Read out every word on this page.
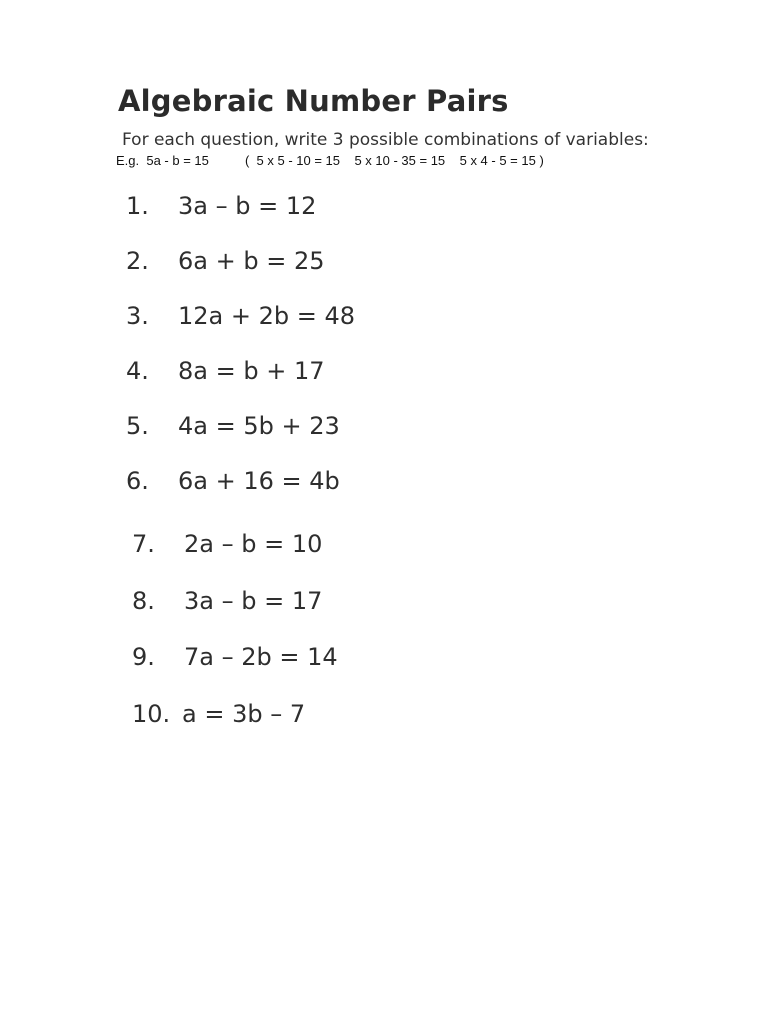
Algebraic Number Pairs
For each question, write 3 possible combinations of variables:
E.g.  5a - b = 15          (  5 x 5 - 10 = 15    5 x 10 - 35 = 15    5 x 4 - 5 = 15 )
1.	3a – b = 12
2.	6a + b = 25
3.	12a + 2b = 48
4.	8a = b + 17
5.	4a = 5b + 23
6.	6a + 16 = 4b
7.	2a – b = 10
8.	3a – b = 17
9.	7a – 2b = 14
10. a = 3b – 7
